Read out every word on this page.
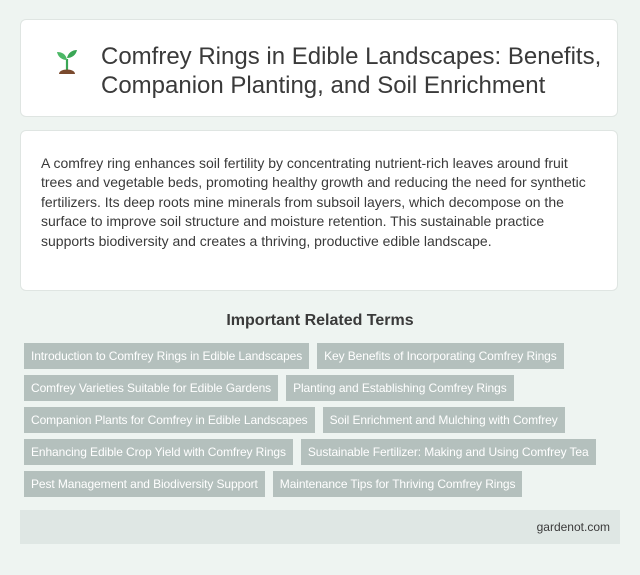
Comfrey Rings in Edible Landscapes: Benefits, Companion Planting, and Soil Enrichment

A comfrey ring enhances soil fertility by concentrating nutrient-rich leaves around fruit trees and vegetable beds, promoting healthy growth and reducing the need for synthetic fertilizers. Its deep roots mine minerals from subsoil layers, which decompose on the surface to improve soil structure and moisture retention. This sustainable practice supports biodiversity and creates a thriving, productive edible landscape.

Important Related Terms
Introduction to Comfrey Rings in Edible Landscapes	Key Benefits of Incorporating Comfrey Rings
Comfrey Varieties Suitable for Edible Gardens	Planting and Establishing Comfrey Rings
Companion Plants for Comfrey in Edible Landscapes	Soil Enrichment and Mulching with Comfrey
Enhancing Edible Crop Yield with Comfrey Rings	Sustainable Fertilizer: Making and Using Comfrey Tea
Pest Management and Biodiversity Support	Maintenance Tips for Thriving Comfrey Rings
gardenot.com
